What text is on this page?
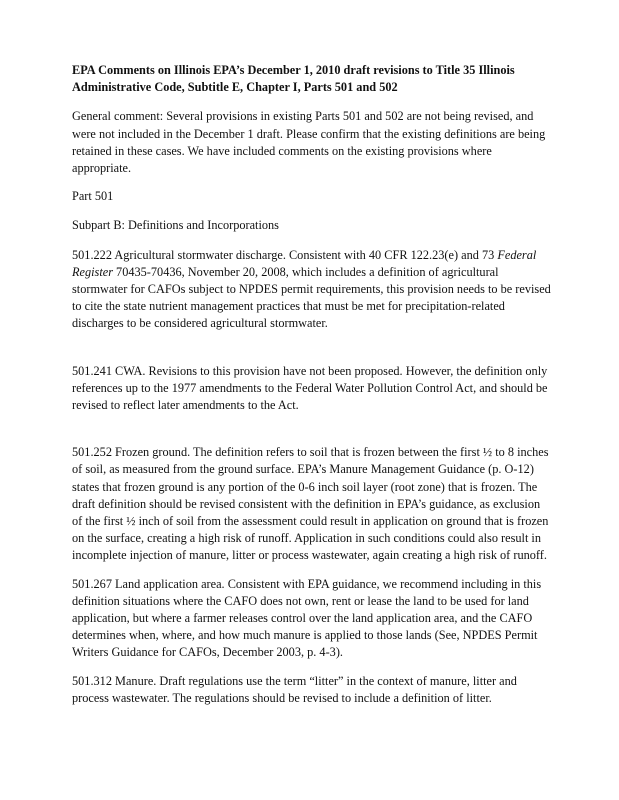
EPA Comments on Illinois EPA’s December 1, 2010 draft revisions to Title 35 Illinois Administrative Code, Subtitle E, Chapter I, Parts 501 and 502

General comment: Several provisions in existing Parts 501 and 502 are not being revised, and were not included in the December 1 draft. Please confirm that the existing definitions are being retained in these cases. We have included comments on the existing provisions where appropriate.

Part 501

Subpart B: Definitions and Incorporations

501.222 Agricultural stormwater discharge. Consistent with 40 CFR 122.23(e) and 73 Federal Register 70435-70436, November 20, 2008, which includes a definition of agricultural stormwater for CAFOs subject to NPDES permit requirements, this provision needs to be revised to cite the state nutrient management practices that must be met for precipitation-related discharges to be considered agricultural stormwater.

501.241 CWA. Revisions to this provision have not been proposed. However, the definition only references up to the 1977 amendments to the Federal Water Pollution Control Act, and should be revised to reflect later amendments to the Act.

501.252 Frozen ground. The definition refers to soil that is frozen between the first ½ to 8 inches of soil, as measured from the ground surface. EPA’s Manure Management Guidance (p. O-12) states that frozen ground is any portion of the 0-6 inch soil layer (root zone) that is frozen. The draft definition should be revised consistent with the definition in EPA’s guidance, as exclusion of the first ½ inch of soil from the assessment could result in application on ground that is frozen on the surface, creating a high risk of runoff. Application in such conditions could also result in incomplete injection of manure, litter or process wastewater, again creating a high risk of runoff.

501.267 Land application area. Consistent with EPA guidance, we recommend including in this definition situations where the CAFO does not own, rent or lease the land to be used for land application, but where a farmer releases control over the land application area, and the CAFO determines when, where, and how much manure is applied to those lands (See, NPDES Permit Writers Guidance for CAFOs, December 2003, p. 4-3).

501.312 Manure. Draft regulations use the term “litter” in the context of manure, litter and process wastewater. The regulations should be revised to include a definition of litter.
